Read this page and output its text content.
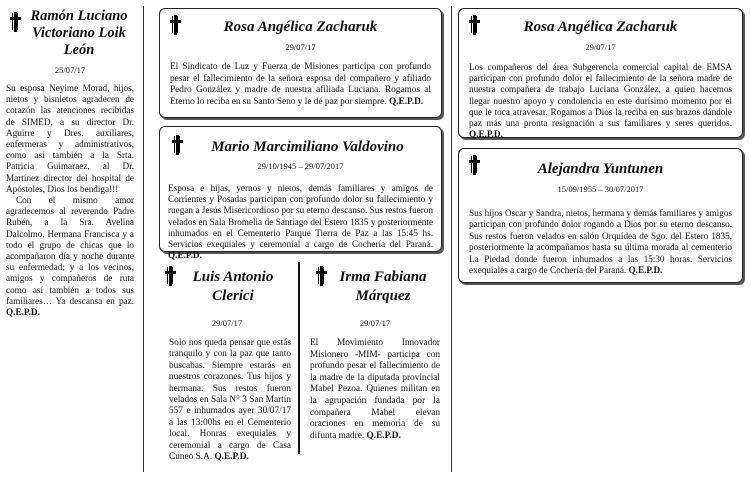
Ramón Luciano Victoriano Loik León
25/07/17
Su esposa Neyime Morad, hijos, nietos y bisnietos agradecen de corazón las atenciones recibidas de SIMED, a su director Dr. Aguirre y Dres. auxiliares, enfermeras y administrativos, como así también a la Srta. Patricia Guimaraez, al Dr. Martínez director del hospital de Apóstoles, Dios los bendiga!!!
Con el mismo amor agradecemos al reverendo Padre Rubén, a la Sra. Avelina Dalcolmo, Hermana Francisca y a todo el grupo de chicas que lo acompañaron día y noche durante su enfermedad; y a los vecinos, amigos y compañeros de ruta como así también a todos sus familiares… Ya descansa en paz. Q.E.P.D.
Rosa Angélica Zacharuk
29/07/17
El Sindicato de Luz y Fuerza de Misiones participa con profundo pesar el fallecimiento de la señora esposa del compañero y afiliado Pedro González y madre de nuestra afiliada Luciana. Rogamos al Eterno lo reciba en su Santo Seno y le dé paz por siempre. Q.E.P.D.
Mario Marcimiliano Valdovino
29/10/1945 – 29/07/2017
Esposa e hijas, yernos y nietos, demás familiares y amigos de Corrientes y Posadas participan con profundo dolor su fallecimiento y ruegan a Jesús Misericordioso por su eterno descanso. Sus restos fueron velados en Sala Bromelia de Santiago del Estero 1835 y posteriormente inhumados en el Cementerio Parque Tierra de Paz a las 15:45 hs. Servicios exequiales y ceremonial a cargo de Cochería del Paraná. Q.E.P.D.
Luis Antonio Clerici
29/07/17
Solo nos queda pensar que estás tranquilo y con la paz que tanto buscabas. Siempre estarás en nuestros corazones. Tus hijos y hermana. Sus restos fueron velados en Sala N° 3 San Martín 557 e inhumados ayer 30/07/17 a las 13:00hs en el Cementerio local. Honras exequiales y ceremonial a cargo de Casa Cuneo S.A. Q.E.P.D.
Irma Fabiana Márquez
29/07/17
El Movimiento Innovador Misionero -MIM- participa con profundo pesar el fallecimiento de la madre de la diputada provincial Mabel Pezoa. Quienes militan en la agrupación fundada por la compañera Mabel elevan oraciones en memoria de su difunta madre. Q.E.P.D.
Rosa Angélica Zacharuk
29/07/17
Los compañeros del área Subgerencia comercial capital de EMSA participan con profundo dolor el fallecimiento de la señora madre de nuestra compañera de trabajo Luciana González, a quien hacemos llegar nuestro apoyo y condolencia en este durísimo momento por el que le toca atravesar. Rogamos a Dios la reciba en sus brazos dándole paz más una pronta resignación a sus familiares y seres queridos. Q.E.P.D.
Alejandra Yuntunen
15/09/1955 – 30/07/2017
Sus hijos Oscar y Sandra, nietos, hermana y demás familiares y amigos participan con profundo dolor rogando a Dios por su eterno descanso. Sus restos fueron velados en salón Orquídea de Sgo. del Estero 1835, posteriormente la acompañamos hasta su última morada al cementerio La Piedad donde fueron inhumados a las 15:30 horas. Servicios exequiales a cargo de Cochería del Paraná. Q.E.P.D.
